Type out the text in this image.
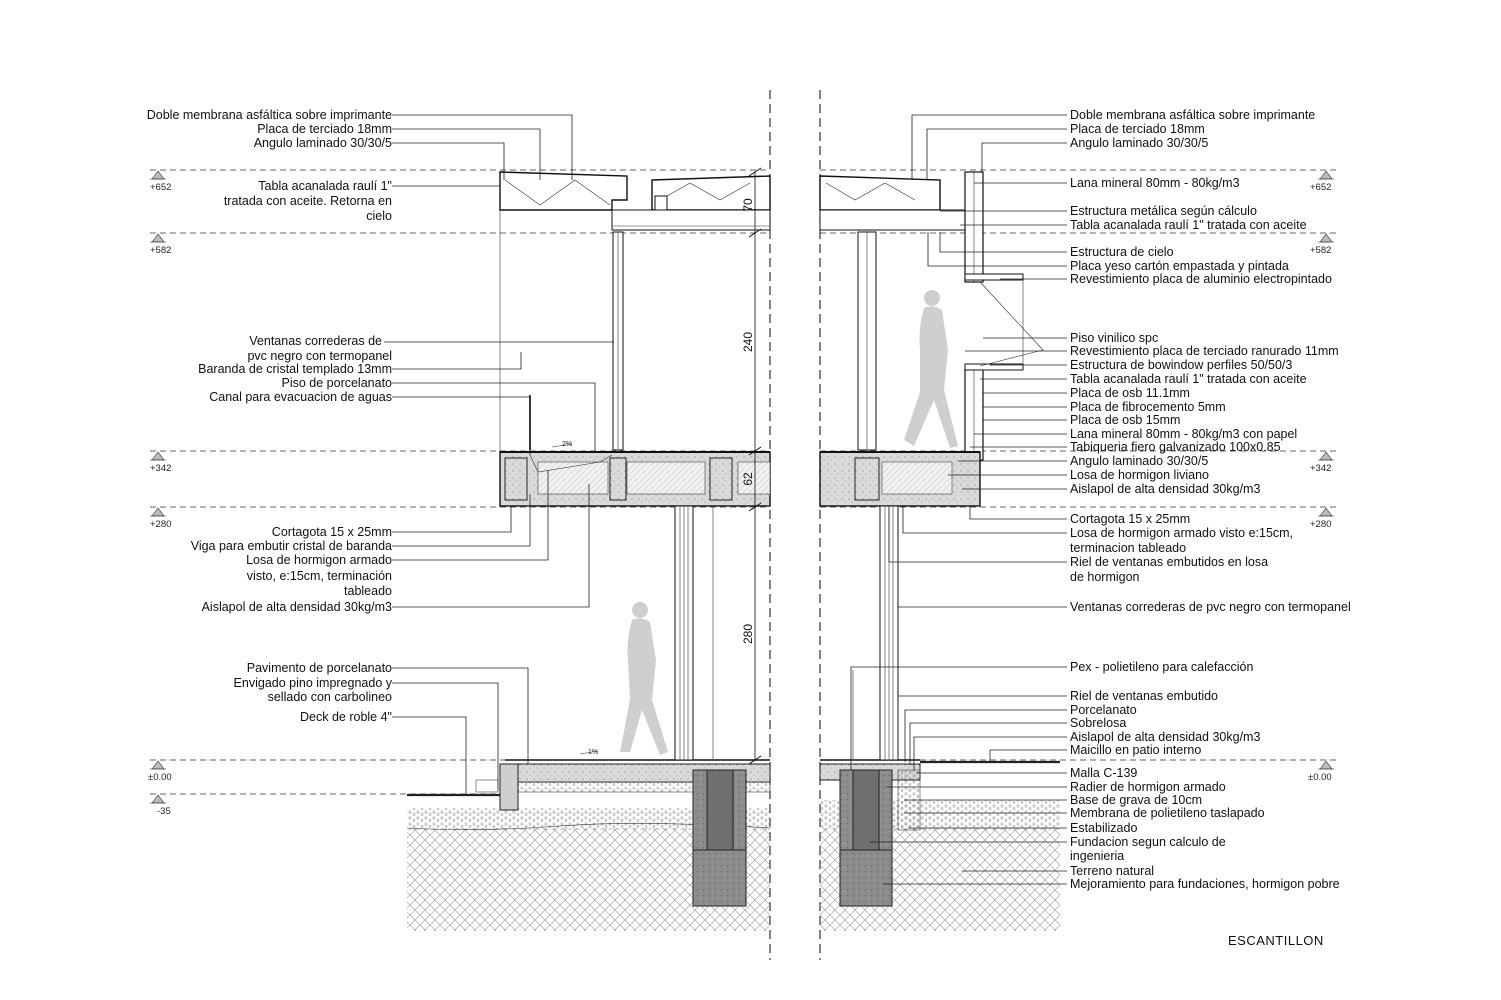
+652
+582
+342
+280
±0.00
-35
+652
+582
+342
+280
±0.00
70
240
62
280
2%
1%
Doble membrana asfáltica sobre imprimante
Placa de terciado 18mm
Angulo laminado 30/30/5
Tabla acanalada raulí 1"
tratada con aceite. Retorna en
cielo
Ventanas correderas de
pvc negro con termopanel
Baranda de cristal templado 13mm
Piso de porcelanato
Canal para evacuacion de aguas
Cortagota 15 x 25mm
Viga para embutir cristal de baranda
Losa de hormigon armado
visto, e:15cm, terminación
tableado
Aislapol de alta densidad 30kg/m3
Pavimento de porcelanato
Envigado pino impregnado y
sellado con carbolineo
Deck de roble 4"
Doble membrana asfáltica sobre imprimante
Placa de terciado 18mm
Angulo laminado 30/30/5
Lana mineral 80mm - 80kg/m3
Estructura metálica según cálculo
Tabla acanalada raulí 1" tratada con aceite
Estructura de cielo
Placa yeso cartón empastada y pintada
Revestimiento placa de aluminio electropintado
Piso vinilico spc
Revestimiento placa de terciado ranurado 11mm
Estructura de bowindow perfiles 50/50/3
Tabla acanalada raulí 1" tratada con aceite
Placa de osb 11.1mm
Placa de fibrocemento 5mm
Placa de osb 15mm
Lana mineral 80mm - 80kg/m3 con papel
Tabiqueria fiero galvanizado 100x0.85
Angulo laminado 30/30/5
Losa de hormigon liviano
Aislapol de alta densidad 30kg/m3
Cortagota 15 x 25mm
Losa de hormigon armado visto e:15cm,
terminacion tableado
Riel de ventanas embutidos en losa
de hormigon
Ventanas correderas de pvc negro con termopanel
Pex - polietileno para calefacción
Riel de ventanas embutido
Porcelanato
Sobrelosa
Aislapol de alta densidad 30kg/m3
Maicillo en patio interno
Malla C-139
Radier de hormigon armado
Base de grava de 10cm
Membrana de polietileno taslapado
Estabilizado
Fundacion segun calculo de
ingenieria
Terreno natural
Mejoramiento para fundaciones, hormigon pobre
ESCANTILLON
